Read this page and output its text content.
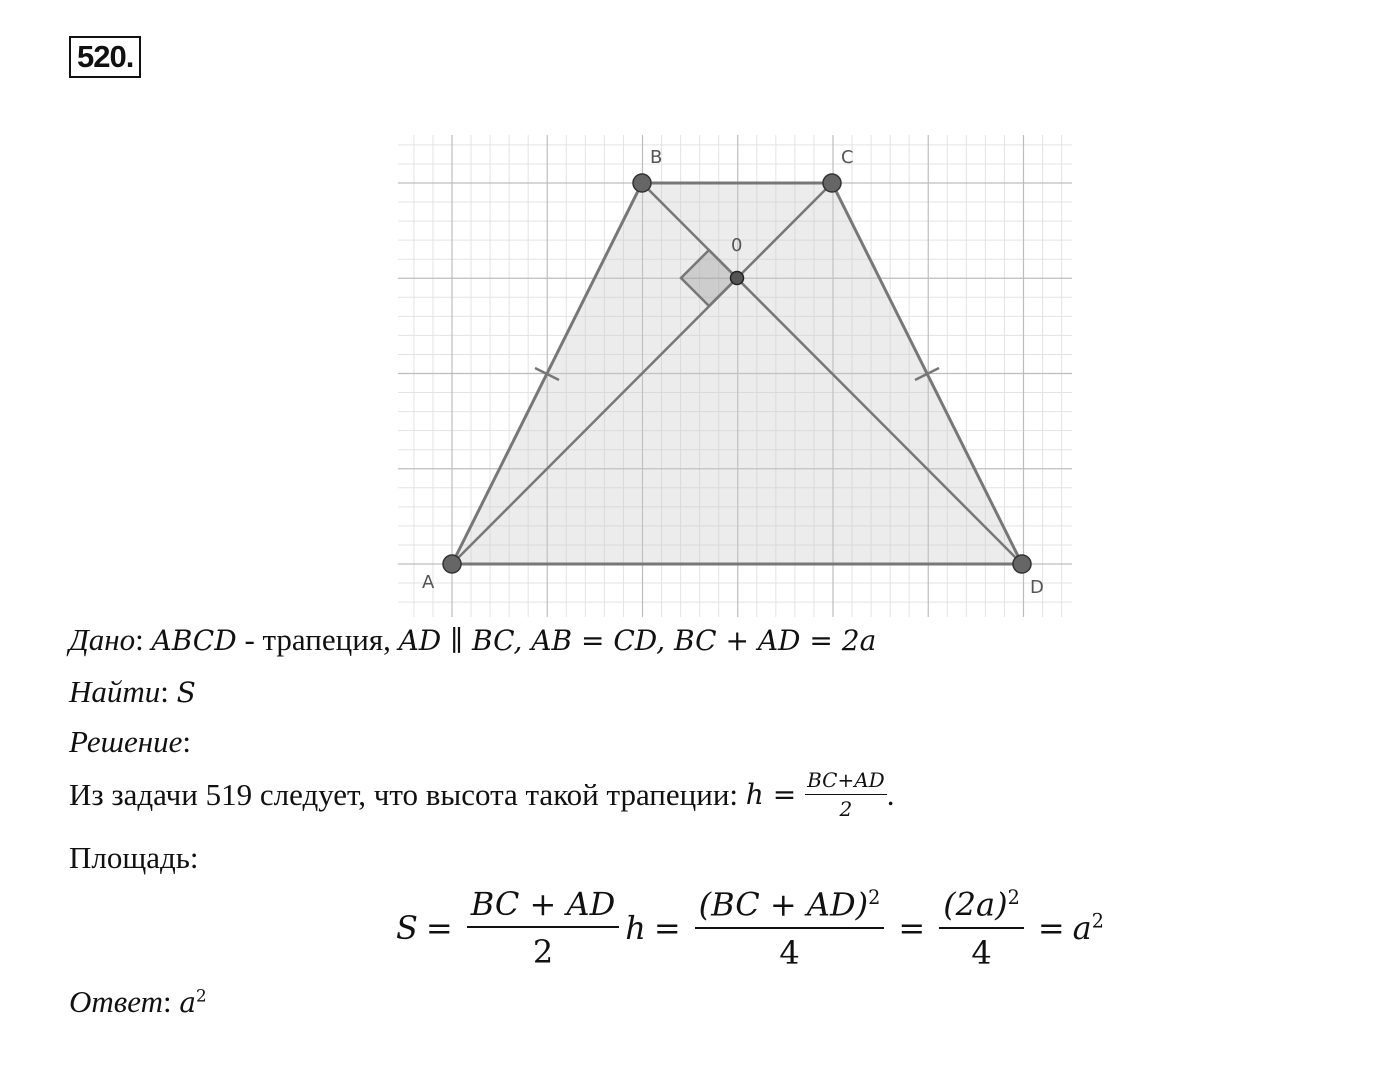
520.
B	C
0
A	D
Дано: ABCD - трапеция, AD ∥ BC, AB = CD, BC + AD = 2a
Найти: S
Решение:
Из задачи 519 следует, что высота такой трапеции: $h = \frac{BC+AD}{2}$ .
Площадь:
$S = \frac{BC + AD}{2}$ $h = \frac{(BC + AD)^2}{4} = \frac{(2a)^2}{4} = a^2$
Ответ: $a^2$
